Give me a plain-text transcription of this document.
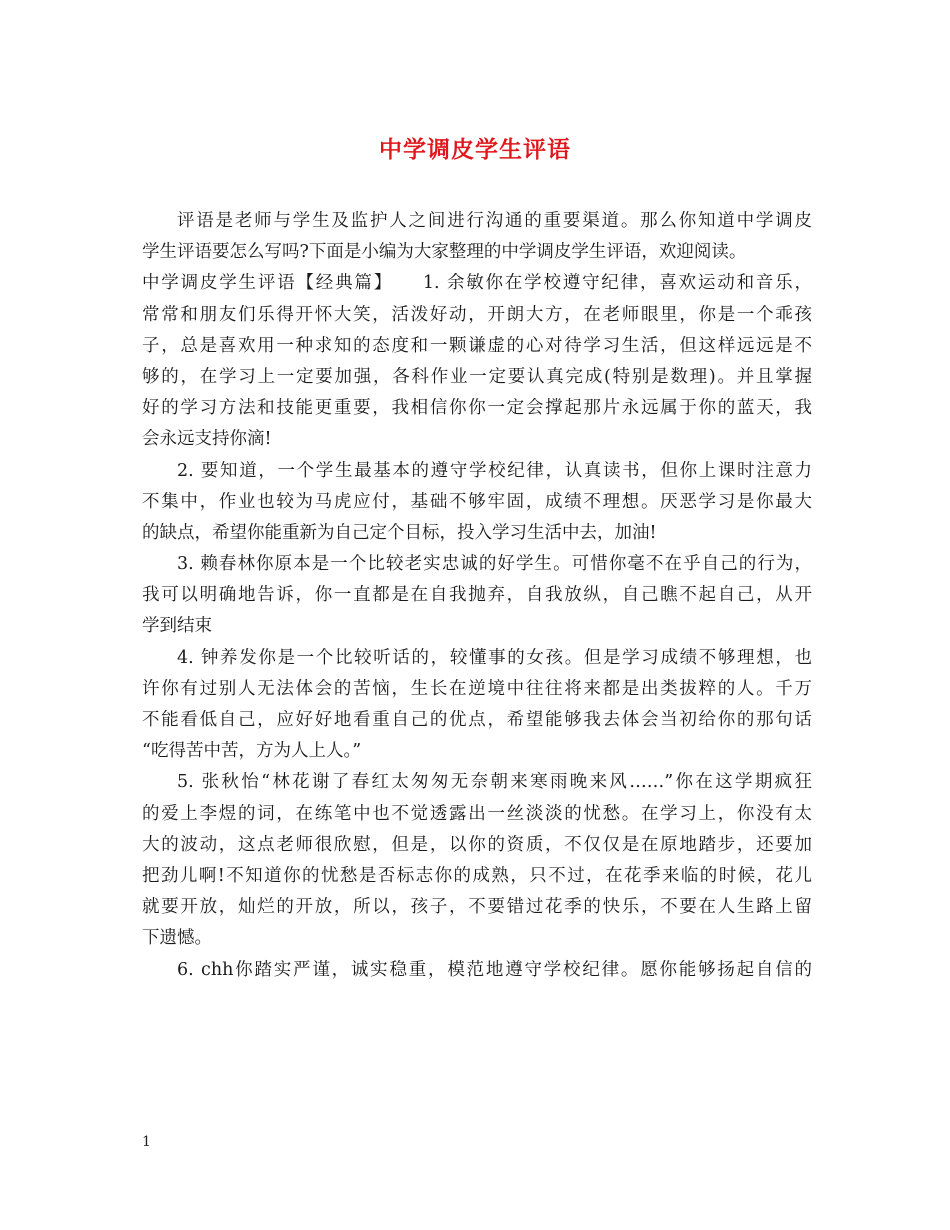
中学调皮学生评语
评语是老师与学生及监护人之间进行沟通的重要渠道。那么你知道中学调皮
学生评语要怎么写吗?下面是小编为大家整理的中学调皮学生评语，欢迎阅读。
中学调皮学生评语【经典篇】　　1. 余敏你在学校遵守纪律，喜欢运动和音乐，
常常和朋友们乐得开怀大笑，活泼好动，开朗大方，在老师眼里，你是一个乖孩
子，总是喜欢用一种求知的态度和一颗谦虚的心对待学习生活，但这样远远是不
够的，在学习上一定要加强，各科作业一定要认真完成(特别是数理)。并且掌握
好的学习方法和技能更重要，我相信你你一定会撑起那片永远属于你的蓝天，我
会永远支持你滴!
2. 要知道，一个学生最基本的遵守学校纪律，认真读书，但你上课时注意力
不集中，作业也较为马虎应付，基础不够牢固，成绩不理想。厌恶学习是你最大
的缺点，希望你能重新为自己定个目标，投入学习生活中去，加油!
3. 赖春林你原本是一个比较老实忠诚的好学生。可惜你毫不在乎自己的行为，
我可以明确地告诉，你一直都是在自我抛弃，自我放纵，自己瞧不起自己，从开
学到结束
4. 钟养发你是一个比较听话的，较懂事的女孩。但是学习成绩不够理想，也
许你有过别人无法体会的苦恼，生长在逆境中往往将来都是出类拔粹的人。千万
不能看低自己，应好好地看重自己的优点，希望能够我去体会当初给你的那句话
“吃得苦中苦，方为人上人。”
5. 张秋怡“林花谢了春红太匆匆无奈朝来寒雨晚来风……”你在这学期疯狂
的爱上李煜的词，在练笔中也不觉透露出一丝淡淡的忧愁。在学习上，你没有太
大的波动，这点老师很欣慰，但是，以你的资质，不仅仅是在原地踏步，还要加
把劲儿啊!不知道你的忧愁是否标志你的成熟，只不过，在花季来临的时候，花儿
就要开放，灿烂的开放，所以，孩子，不要错过花季的快乐，不要在人生路上留
下遗憾。
6. chh你踏实严谨，诚实稳重，模范地遵守学校纪律。愿你能够扬起自信的
1
